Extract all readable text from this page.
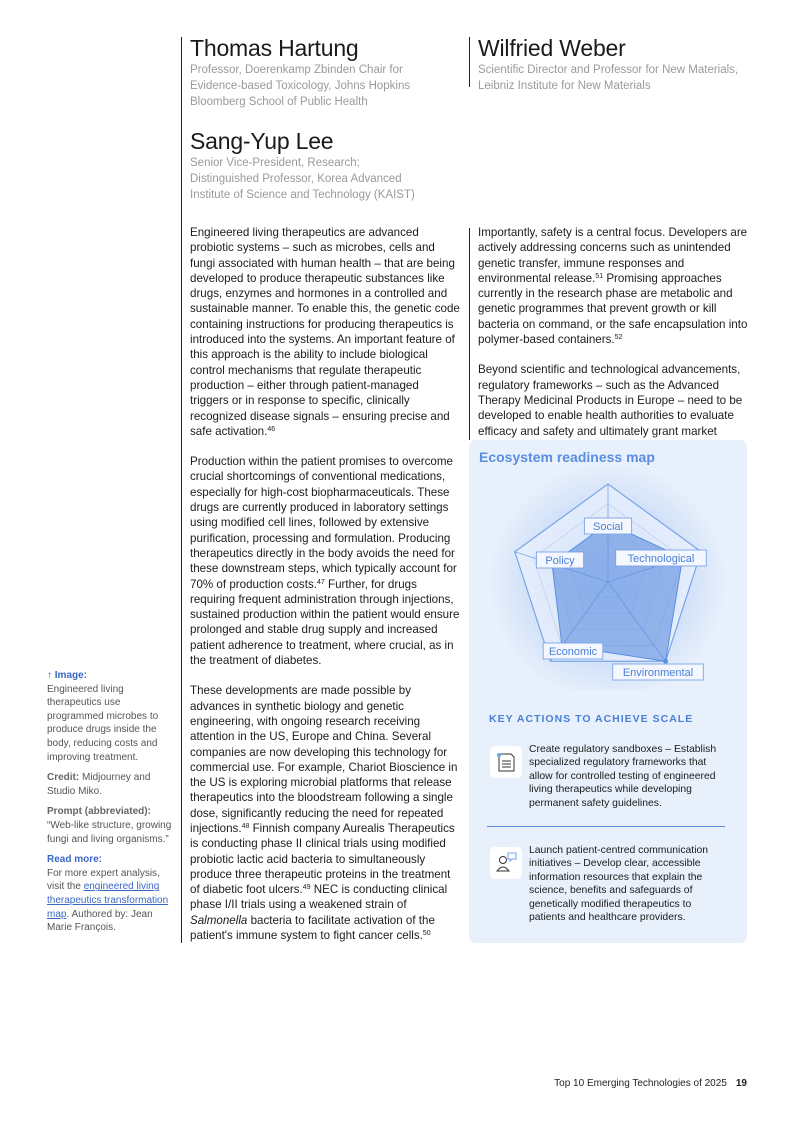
Thomas Hartung
Professor, Doerenkamp Zbinden Chair for
Evidence-based Toxicology, Johns Hopkins
Bloomberg School of Public Health
Wilfried Weber
Scientific Director and Professor for New Materials,
Leibniz Institute for New Materials
Sang-Yup Lee
Senior Vice-President, Research;
Distinguished Professor, Korea Advanced
Institute of Science and Technology (KAIST)

Engineered living therapeutics are advanced probiotic systems – such as microbes, cells and fungi associated with human health – that are being developed to produce therapeutic substances like drugs, enzymes and hormones in a controlled and sustainable manner. To enable this, the genetic code containing instructions for producing therapeutics is introduced into the systems. An important feature of this approach is the ability to include biological control mechanisms that regulate therapeutic production – either through patient-managed triggers or in response to specific, clinically recognized disease signals – ensuring precise and safe activation.$^{46}$

Production within the patient promises to overcome crucial shortcomings of conventional medications, especially for high-cost biopharmaceuticals. These drugs are currently produced in laboratory settings using modified cell lines, followed by extensive purification, processing and formulation. Producing therapeutics directly in the body avoids the need for these downstream steps, which typically account for 70% of production costs.$^{47}$ Further, for drugs requiring frequent administration through injections, sustained production within the patient would ensure prolonged and stable drug supply and increased patient adherence to treatment, where crucial, as in the treatment of diabetes.

These developments are made possible by advances in synthetic biology and genetic engineering, with ongoing research receiving attention in the US, Europe and China. Several companies are now developing this technology for commercial use. For example, Chariot Bioscience in the US is exploring microbial platforms that release therapeutics into the bloodstream following a single dose, significantly reducing the need for repeated injections.$^{48}$ Finnish company Aurealis Therapeutics is conducting phase II clinical trials using modified probiotic lactic acid bacteria to simultaneously produce three therapeutic proteins in the treatment of diabetic foot ulcers.$^{49}$ NEC is conducting clinical phase I/II trials using a weakened strain of Salmonella bacteria to facilitate activation of the patient's immune system to fight cancer cells.$^{50}$

Importantly, safety is a central focus. Developers are actively addressing concerns such as unintended genetic transfer, immune responses and environmental release.$^{51}$ Promising approaches currently in the research phase are metabolic and genetic programmes that prevent growth or kill bacteria on command, or the safe encapsulation into polymer-based containers.$^{52}$

Beyond scientific and technological advancements, regulatory frameworks – such as the Advanced Therapy Medicinal Products in Europe – need to be developed to enable health authorities to evaluate efficacy and safety and ultimately grant market

↑ Image:
Engineered living therapeutics use programmed microbes to produce drugs inside the body, reducing costs and improving treatment.
Credit: Midjourney and Studio Miko.
Prompt (abbreviated):
“Web-like structure, growing fungi and living organisms.”
Read more:
For more expert analysis, visit the engineered living therapeutics transformation map. Authored by: Jean Marie François.
Ecosystem readiness map
Social
Technological
Environmental
Economic
Policy
KEY ACTIONS TO ACHIEVE SCALE
Create regulatory sandboxes – Establish specialized regulatory frameworks that allow for controlled testing of engineered living therapeutics while developing permanent safety guidelines.
Launch patient-centred communication initiatives – Develop clear, accessible information resources that explain the science, benefits and safeguards of genetically modified therapeutics to patients and healthcare providers.
Top 10 Emerging Technologies of 2025 19
